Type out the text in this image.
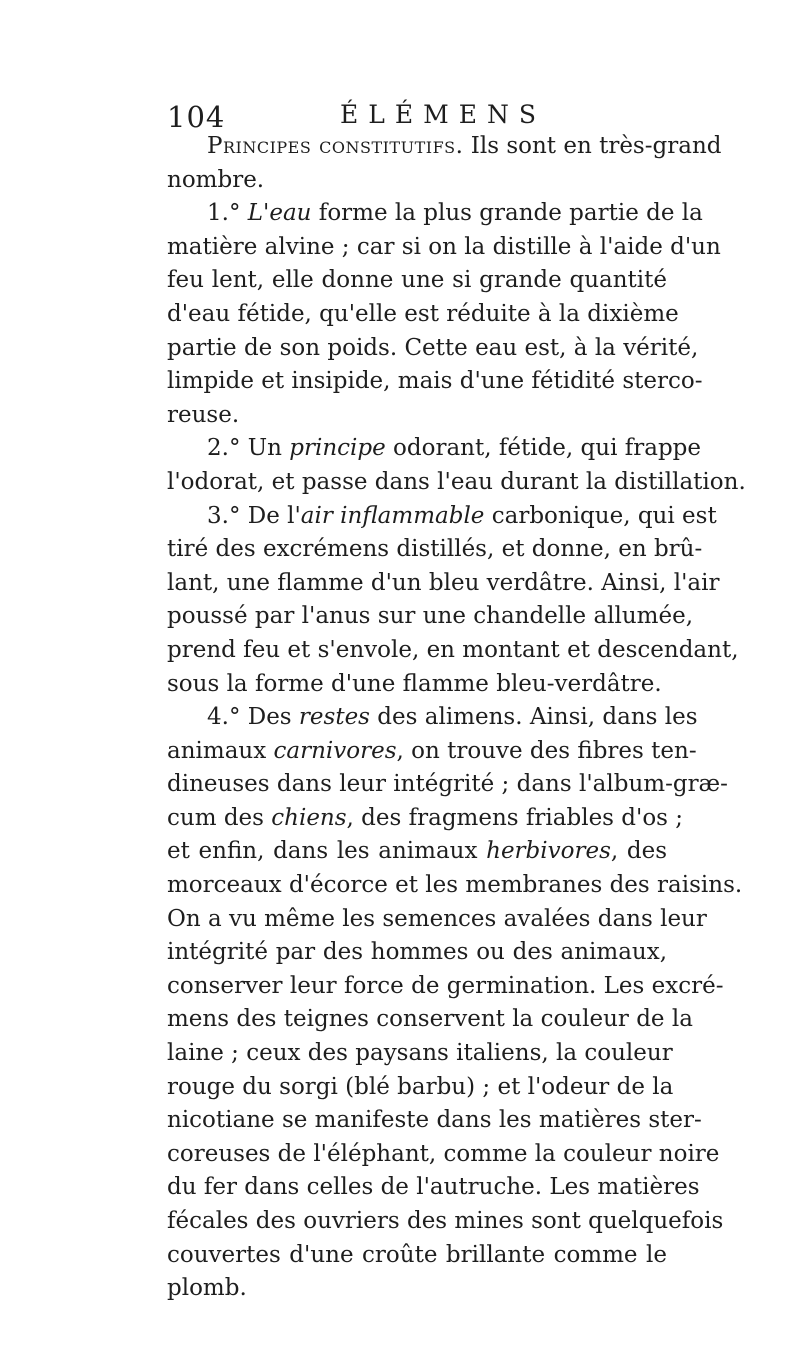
104	ÉLÉMENS
Principes constitutifs. Ils sont en très-grand
nombre.
1.° L'eau forme la plus grande partie de la
matière alvine ; car si on la distille à l'aide d'un
feu lent, elle donne une si grande quantité
d'eau fétide, qu'elle est réduite à la dixième
partie de son poids. Cette eau est, à la vérité,
limpide et insipide, mais d'une fétidité sterco-
reuse.
2.° Un principe odorant, fétide, qui frappe
l'odorat, et passe dans l'eau durant la distillation.
3.° De l'air inflammable carbonique, qui est
tiré des excrémens distillés, et donne, en brû-
lant, une flamme d'un bleu verdâtre. Ainsi, l'air
poussé par l'anus sur une chandelle allumée,
prend feu et s'envole, en montant et descendant,
sous la forme d'une flamme bleu-verdâtre.
4.° Des restes des alimens. Ainsi, dans les
animaux carnivores, on trouve des fibres ten-
dineuses dans leur intégrité ; dans l'album-græ-
cum des chiens, des fragmens friables d'os ;
et enfin, dans les animaux herbivores, des
morceaux d'écorce et les membranes des raisins.
On a vu même les semences avalées dans leur
intégrité par des hommes ou des animaux,
conserver leur force de germination. Les excré-
mens des teignes conservent la couleur de la
laine ; ceux des paysans italiens, la couleur
rouge du sorgi (blé barbu) ; et l'odeur de la
nicotiane se manifeste dans les matières ster-
coreuses de l'éléphant, comme la couleur noire
du fer dans celles de l'autruche. Les matières
fécales des ouvriers des mines sont quelquefois
couvertes d'une croûte brillante comme le
plomb.
